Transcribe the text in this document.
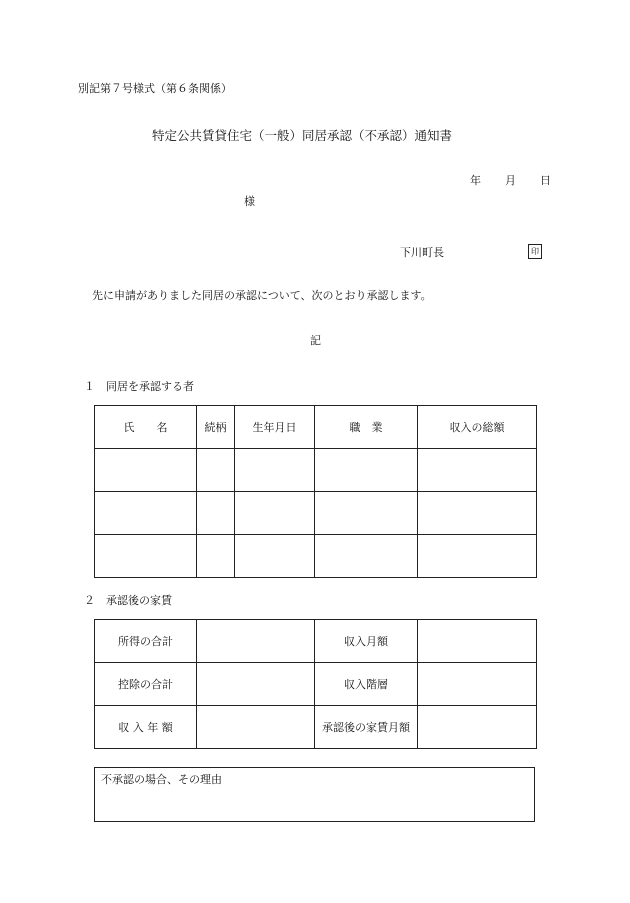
別記第７号様式（第６条関係）
特定公共賃貸住宅（一般）同居承認（不承認）通知書
年 月 日
様
下川町長	印
先に申請がありました同居の承認について、次のとおり承認します。
記
１　同居を承認する者
氏　　名	続柄	生年月日	職　業	収入の総額

２　承認後の家賃
所得の合計		収入月額	
控除の合計		収入階層	
収 入 年 額		承認後の家賃月額	
不承認の場合、その理由
